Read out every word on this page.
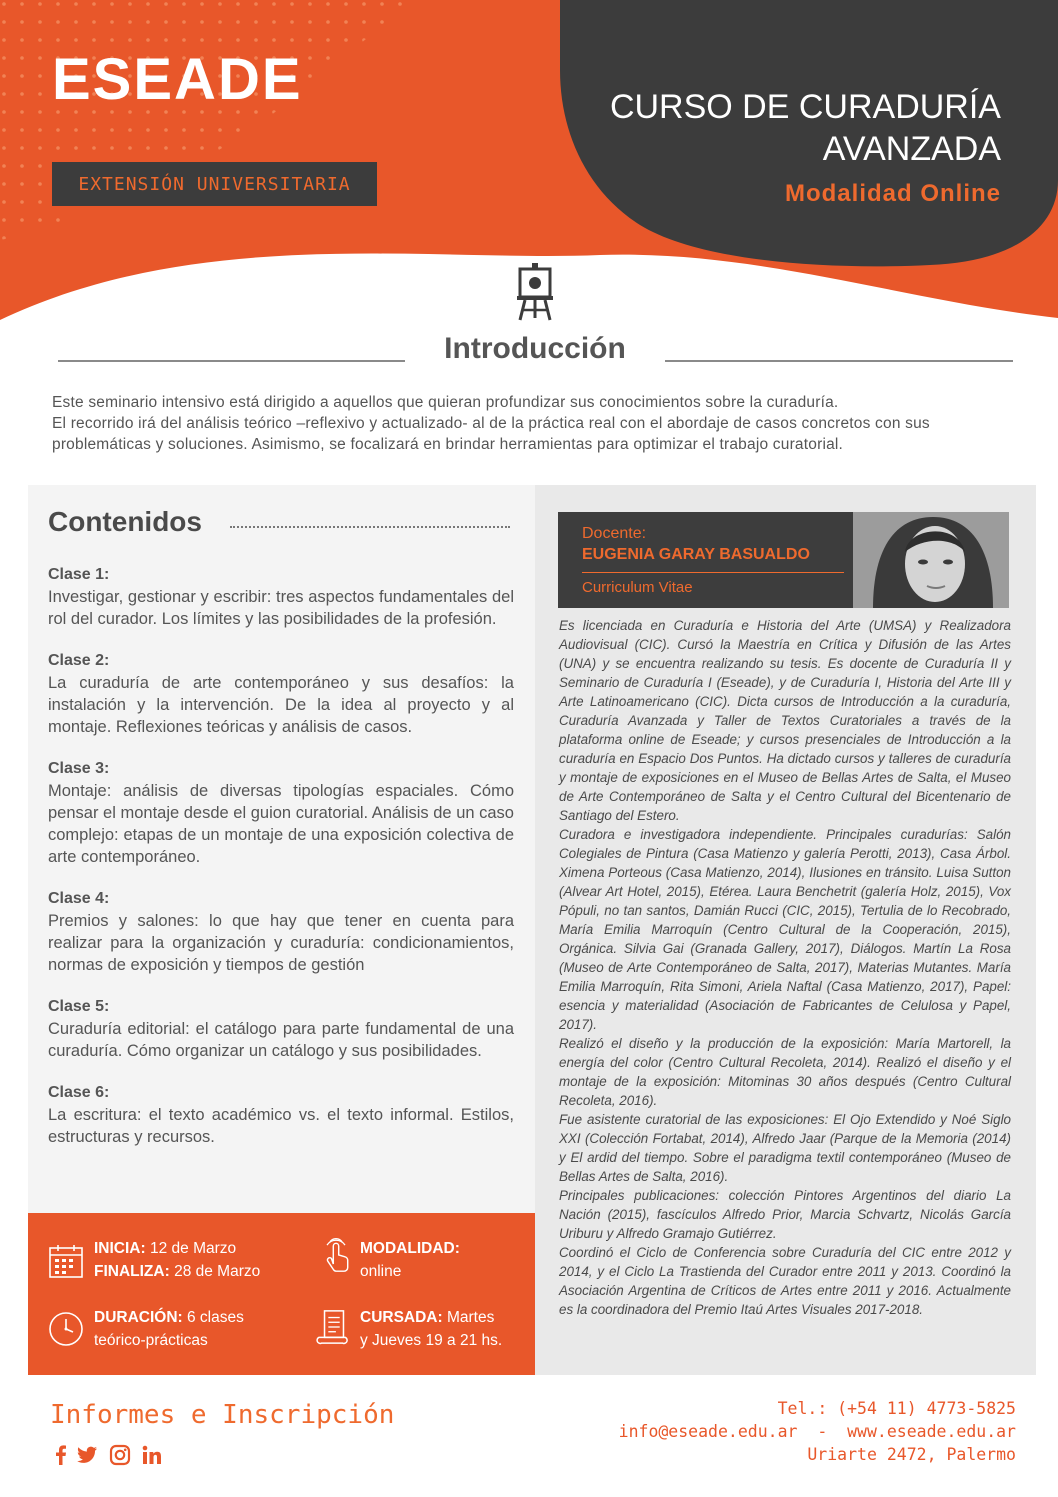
ESEADE
EXTENSIÓN UNIVERSITARIA
CURSO DE CURADURÍA
AVANZADA
Modalidad Online
Introducción

Este seminario intensivo está dirigido a aquellos que quieran profundizar sus conocimientos sobre la curaduría.

El recorrido irá del análisis teórico –reflexivo y actualizado- al de la práctica real con el abordaje de casos concretos con sus problemáticas y soluciones. Asimismo, se focalizará en brindar herramientas para optimizar el trabajo curatorial.

Contenidos

Clase 1:

Investigar, gestionar y escribir: tres aspectos fundamentales del rol del curador. Los límites y las posibilidades de la profesión.

Clase 2:

La curaduría de arte contemporáneo y sus desafíos: la instalación y la intervención. De la idea al proyecto y al montaje. Reflexiones teóricas y análisis de casos.

Clase 3:

Montaje: análisis de diversas tipologías espaciales. Cómo pensar el montaje desde el guion curatorial. Análisis de un caso complejo: etapas de un montaje de una exposición colectiva de arte contemporáneo.

Clase 4:

Premios y salones: lo que hay que tener en cuenta para realizar para la organización y curaduría: condicionamientos, normas de exposición y tiempos de gestión

Clase 5:

Curaduría editorial: el catálogo para parte fundamental de una curaduría. Cómo organizar un catálogo y sus posibilidades.

Clase 6:

La escritura: el texto académico vs. el texto informal. Estilos, estructuras y recursos.

INICIA: 12 de Marzo
FINALIZA: 28 de Marzo
MODALIDAD:
online
DURACIÓN: 6 clases
teórico-prácticas
CURSADA: Martes
y Jueves 19 a 21 hs.
Docente:
EUGENIA GARAY BASUALDO
Curriculum Vitae

Es licenciada en Curaduría e Historia del Arte (UMSA) y Realizadora Audiovisual (CIC). Cursó la Maestría en Crítica y Difusión de las Artes (UNA) y se encuentra realizando su tesis. Es docente de Curaduría II y Seminario de Curaduría I (Eseade), y de Curaduría I, Historia del Arte III y Arte Latinoamericano (CIC). Dicta cursos de Introducción a la curaduría, Curaduría Avanzada y Taller de Textos Curatoriales a través de la plataforma online de Eseade; y cursos presenciales de Introducción a la curaduría en Espacio Dos Puntos. Ha dictado cursos y talleres de curaduría y montaje de exposiciones en el Museo de Bellas Artes de Salta, el Museo de Arte Contemporáneo de Salta y el Centro Cultural del Bicentenario de Santiago del Estero.

Curadora e investigadora independiente. Principales curadurías: Salón Colegiales de Pintura (Casa Matienzo y galería Perotti, 2013), Casa Árbol. Ximena Porteous (Casa Matienzo, 2014), Ilusiones en tránsito. Luisa Sutton (Alvear Art Hotel, 2015), Etérea. Laura Benchetrit (galería Holz, 2015), Vox Pópuli, no tan santos, Damián Rucci (CIC, 2015), Tertulia de lo Recobrado, María Emilia Marroquín (Centro Cultural de la Cooperación, 2015), Orgánica. Silvia Gai (Granada Gallery, 2017), Diálogos. Martín La Rosa (Museo de Arte Contemporáneo de Salta, 2017), Materias Mutantes. María Emilia Marroquín, Rita Simoni, Ariela Naftal (Casa Matienzo, 2017), Papel: esencia y materialidad (Asociación de Fabricantes de Celulosa y Papel, 2017).

Realizó el diseño y la producción de la exposición: María Martorell, la energía del color (Centro Cultural Recoleta, 2014). Realizó el diseño y el montaje de la exposición: Mitominas 30 años después (Centro Cultural Recoleta, 2016).

Fue asistente curatorial de las exposiciones: El Ojo Extendido y Noé Siglo XXI (Colección Fortabat, 2014), Alfredo Jaar (Parque de la Memoria (2014) y El ardid del tiempo. Sobre el paradigma textil contemporáneo (Museo de Bellas Artes de Salta, 2016).

Principales publicaciones: colección Pintores Argentinos del diario La Nación (2015), fascículos Alfredo Prior, Marcia Schvartz, Nicolás García Uriburu y Alfredo Gramajo Gutiérrez.

Coordinó el Ciclo de Conferencia sobre Curaduría del CIC entre 2012 y 2014, y el Ciclo La Trastienda del Curador entre 2011 y 2013. Coordinó la Asociación Argentina de Críticos de Artes entre 2011 y 2016. Actualmente es la coordinadora del Premio Itaú Artes Visuales 2017-2018.

Informes e Inscripción	Tel.: (+54 11) 4773-5825

info@eseade.edu.ar  -  www.eseade.edu.ar

Uriarte 2472, Palermo
